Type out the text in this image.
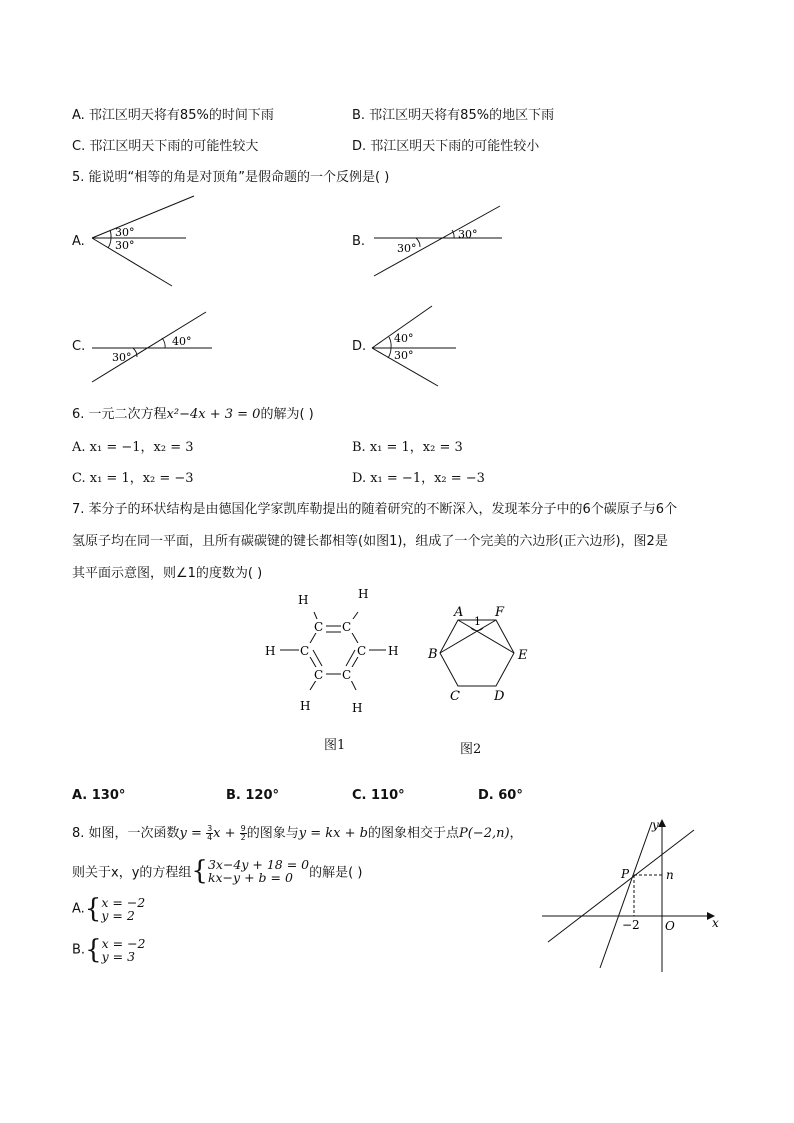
A. 邗江区明天将有85%的时间下雨	B. 邗江区明天将有85%的地区下雨
C. 邗江区明天下雨的可能性较大	D. 邗江区明天下雨的可能性较小
5. 能说明“相等的角是对顶角”是假命题的一个反例是( )
A.
30°
30°	B.	30°
30°
C.	40°
30°
D.
40°
30°
6. 一元二次方程x²−4x + 3 = 0的解为( )
A. x₁ = −1，x₂ = 3	B. x₁ = 1，x₂ = 3
C. x₁ = 1，x₂ = −3	D. x₁ = −1，x₂ = −3
7. 苯分子的环状结构是由德国化学家凯库勒提出的随着研究的不断深入，发现苯分子中的6个碳原子与6个
氢原子均在同一平面，且所有碳碳键的键长都相等(如图1)，组成了一个完美的六边形(正六边形)，图2是
其平面示意图，则∠1的度数为( )
C C
C	C
C C
H	H
H	H
H	H
1
A F
B	E
C	D
图1	图2
A. 130°	B. 120°	C. 110°	D. 60°
8. 如图，一次函数$y = \frac{3}{4}$ $x + \frac{9}{2}$ 的图象与y = kx + b的图象相交于点P(−2,n)，
则关于x，y的方程组{ 3x−4y + 18 = 0
kx−y + b = 0	的解是( )
A.{ x = −2
y = 2
B.{ x = −2
y = 3
y
x
P	n
−2 O
